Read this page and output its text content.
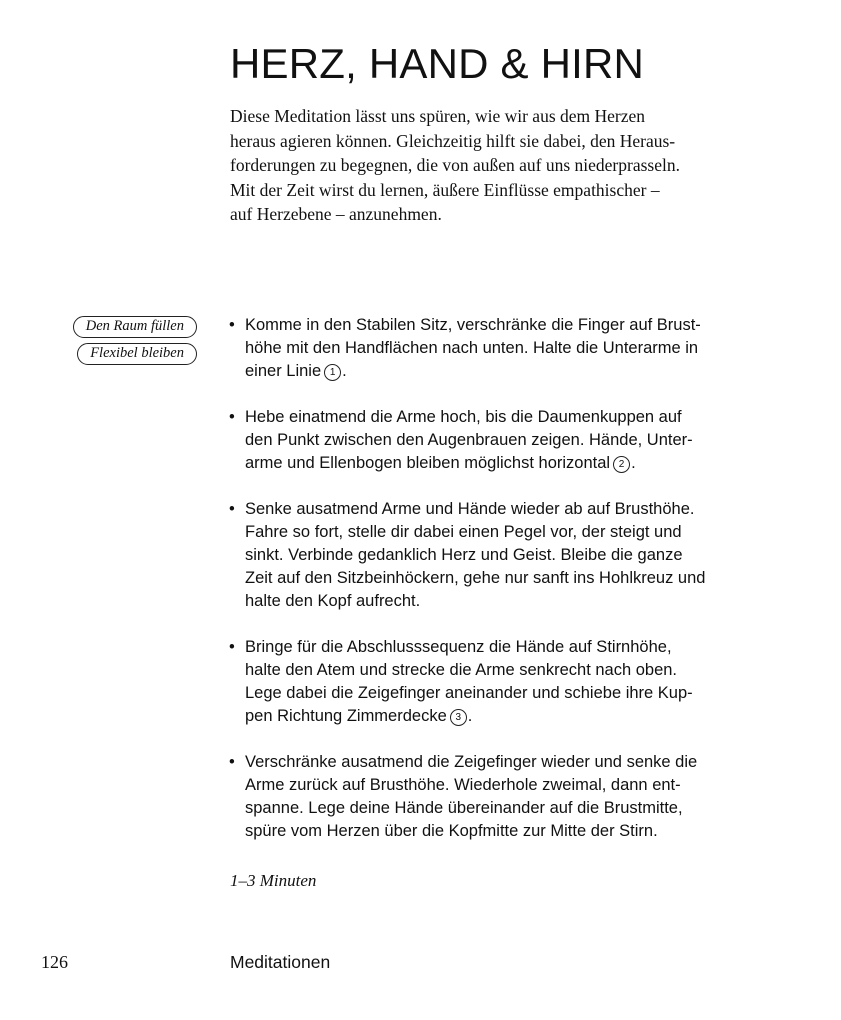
HERZ, HAND & HIRN
Diese Meditation lässt uns spüren, wie wir aus dem Herzen
heraus agieren können. Gleichzeitig hilft sie dabei, den Heraus-
forderungen zu begegnen, die von außen auf uns niederprasseln.
Mit der Zeit wirst du lernen, äußere Einflüsse empathischer –
auf Herzebene – anzunehmen.
Den Raum füllen
Flexibel bleiben
• Komme in den Stabilen Sitz, verschränke die Finger auf Brust-
höhe mit den Handflächen nach unten. Halte die Unterarme in
einer Linie 1 .
• Hebe einatmend die Arme hoch, bis die Daumenkuppen auf
den Punkt zwischen den Augenbrauen zeigen. Hände, Unter-
arme und Ellenbogen bleiben möglichst horizontal 2 .
• Senke ausatmend Arme und Hände wieder ab auf Brusthöhe.
Fahre so fort, stelle dir dabei einen Pegel vor, der steigt und
sinkt. Verbinde gedanklich Herz und Geist. Bleibe die ganze
Zeit auf den Sitzbeinhöckern, gehe nur sanft ins Hohlkreuz und
halte den Kopf aufrecht.
• Bringe für die Abschlusssequenz die Hände auf Stirnhöhe,
halte den Atem und strecke die Arme senkrecht nach oben.
Lege dabei die Zeigefinger aneinander und schiebe ihre Kup-
pen Richtung Zimmerdecke 3 .
• Verschränke ausatmend die Zeigefinger wieder und senke die
Arme zurück auf Brusthöhe. Wiederhole zweimal, dann ent-
spanne. Lege deine Hände übereinander auf die Brustmitte,
spüre vom Herzen über die Kopfmitte zur Mitte der Stirn.
1–3 Minuten
126	Meditationen
